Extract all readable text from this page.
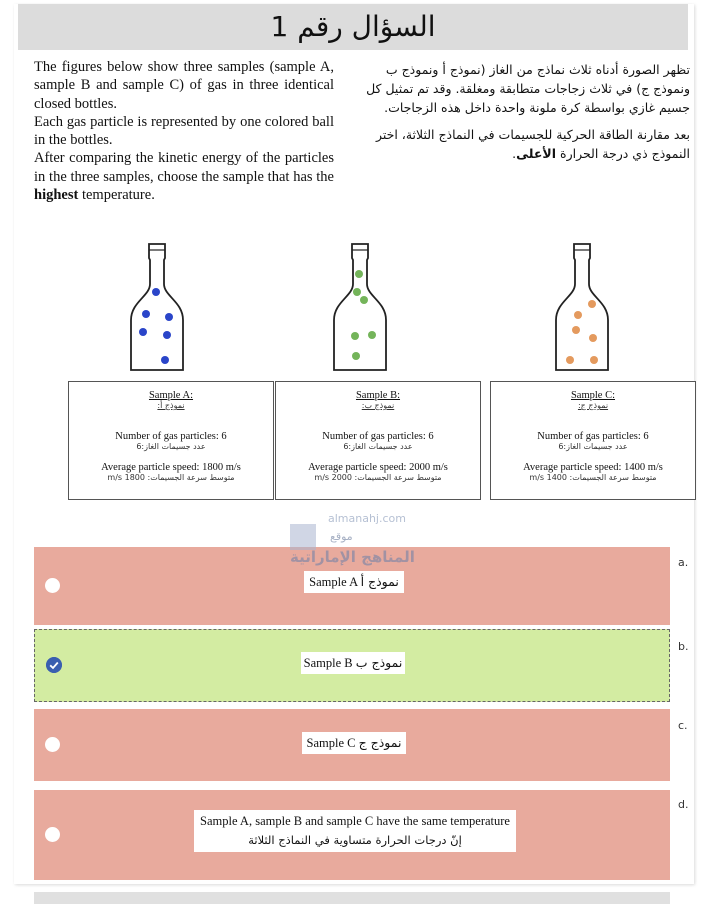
السؤال رقم 1

The figures below show three samples (sample A, sample B and sample C) of gas in three identical closed bottles.

Each gas particle is represented by one colored ball in the bottles.

After comparing the kinetic energy of the particles in the three samples, choose the sample that has the highest temperature.

تظهر الصورة أدناه ثلاث نماذج من الغاز (نموذج أ ونموذج ب ونموذج ج) في ثلاث زجاجات متطابقة ومغلقة. وقد تم تمثيل كل جسيم غازي بواسطة كرة ملونة واحدة داخل هذه الزجاجات.

بعد مقارنة الطاقة الحركية للجسيمات في النماذج الثلاثة، اختر النموذج ذي درجة الحرارة الأعلى.

Sample A:
نموذج أ:
Number of gas particles: 6
عدد جسيمات الغاز:6
Average particle speed: 1800 m/s
متوسط سرعة الجسيمات: 1800 m/s
Sample B:
نموذج ب:
Number of gas particles: 6
عدد جسيمات الغاز:6
Average particle speed: 2000 m/s
متوسط سرعة الجسيمات: 2000 m/s
Sample C:
نموذج ج:
Number of gas particles: 6
عدد جسيمات الغاز:6
Average particle speed: 1400 m/s
متوسط سرعة الجسيمات: 1400 m/s
Sample A نموذج أ
a.
Sample B نموذج ب
b.
Sample C نموذج ج
c.
Sample A, sample B and sample C have the same temperature
إنّ درجات الحرارة متساوية في النماذج الثلاثة
d.
almanahj.com
موقع
المناهج الإماراتية
